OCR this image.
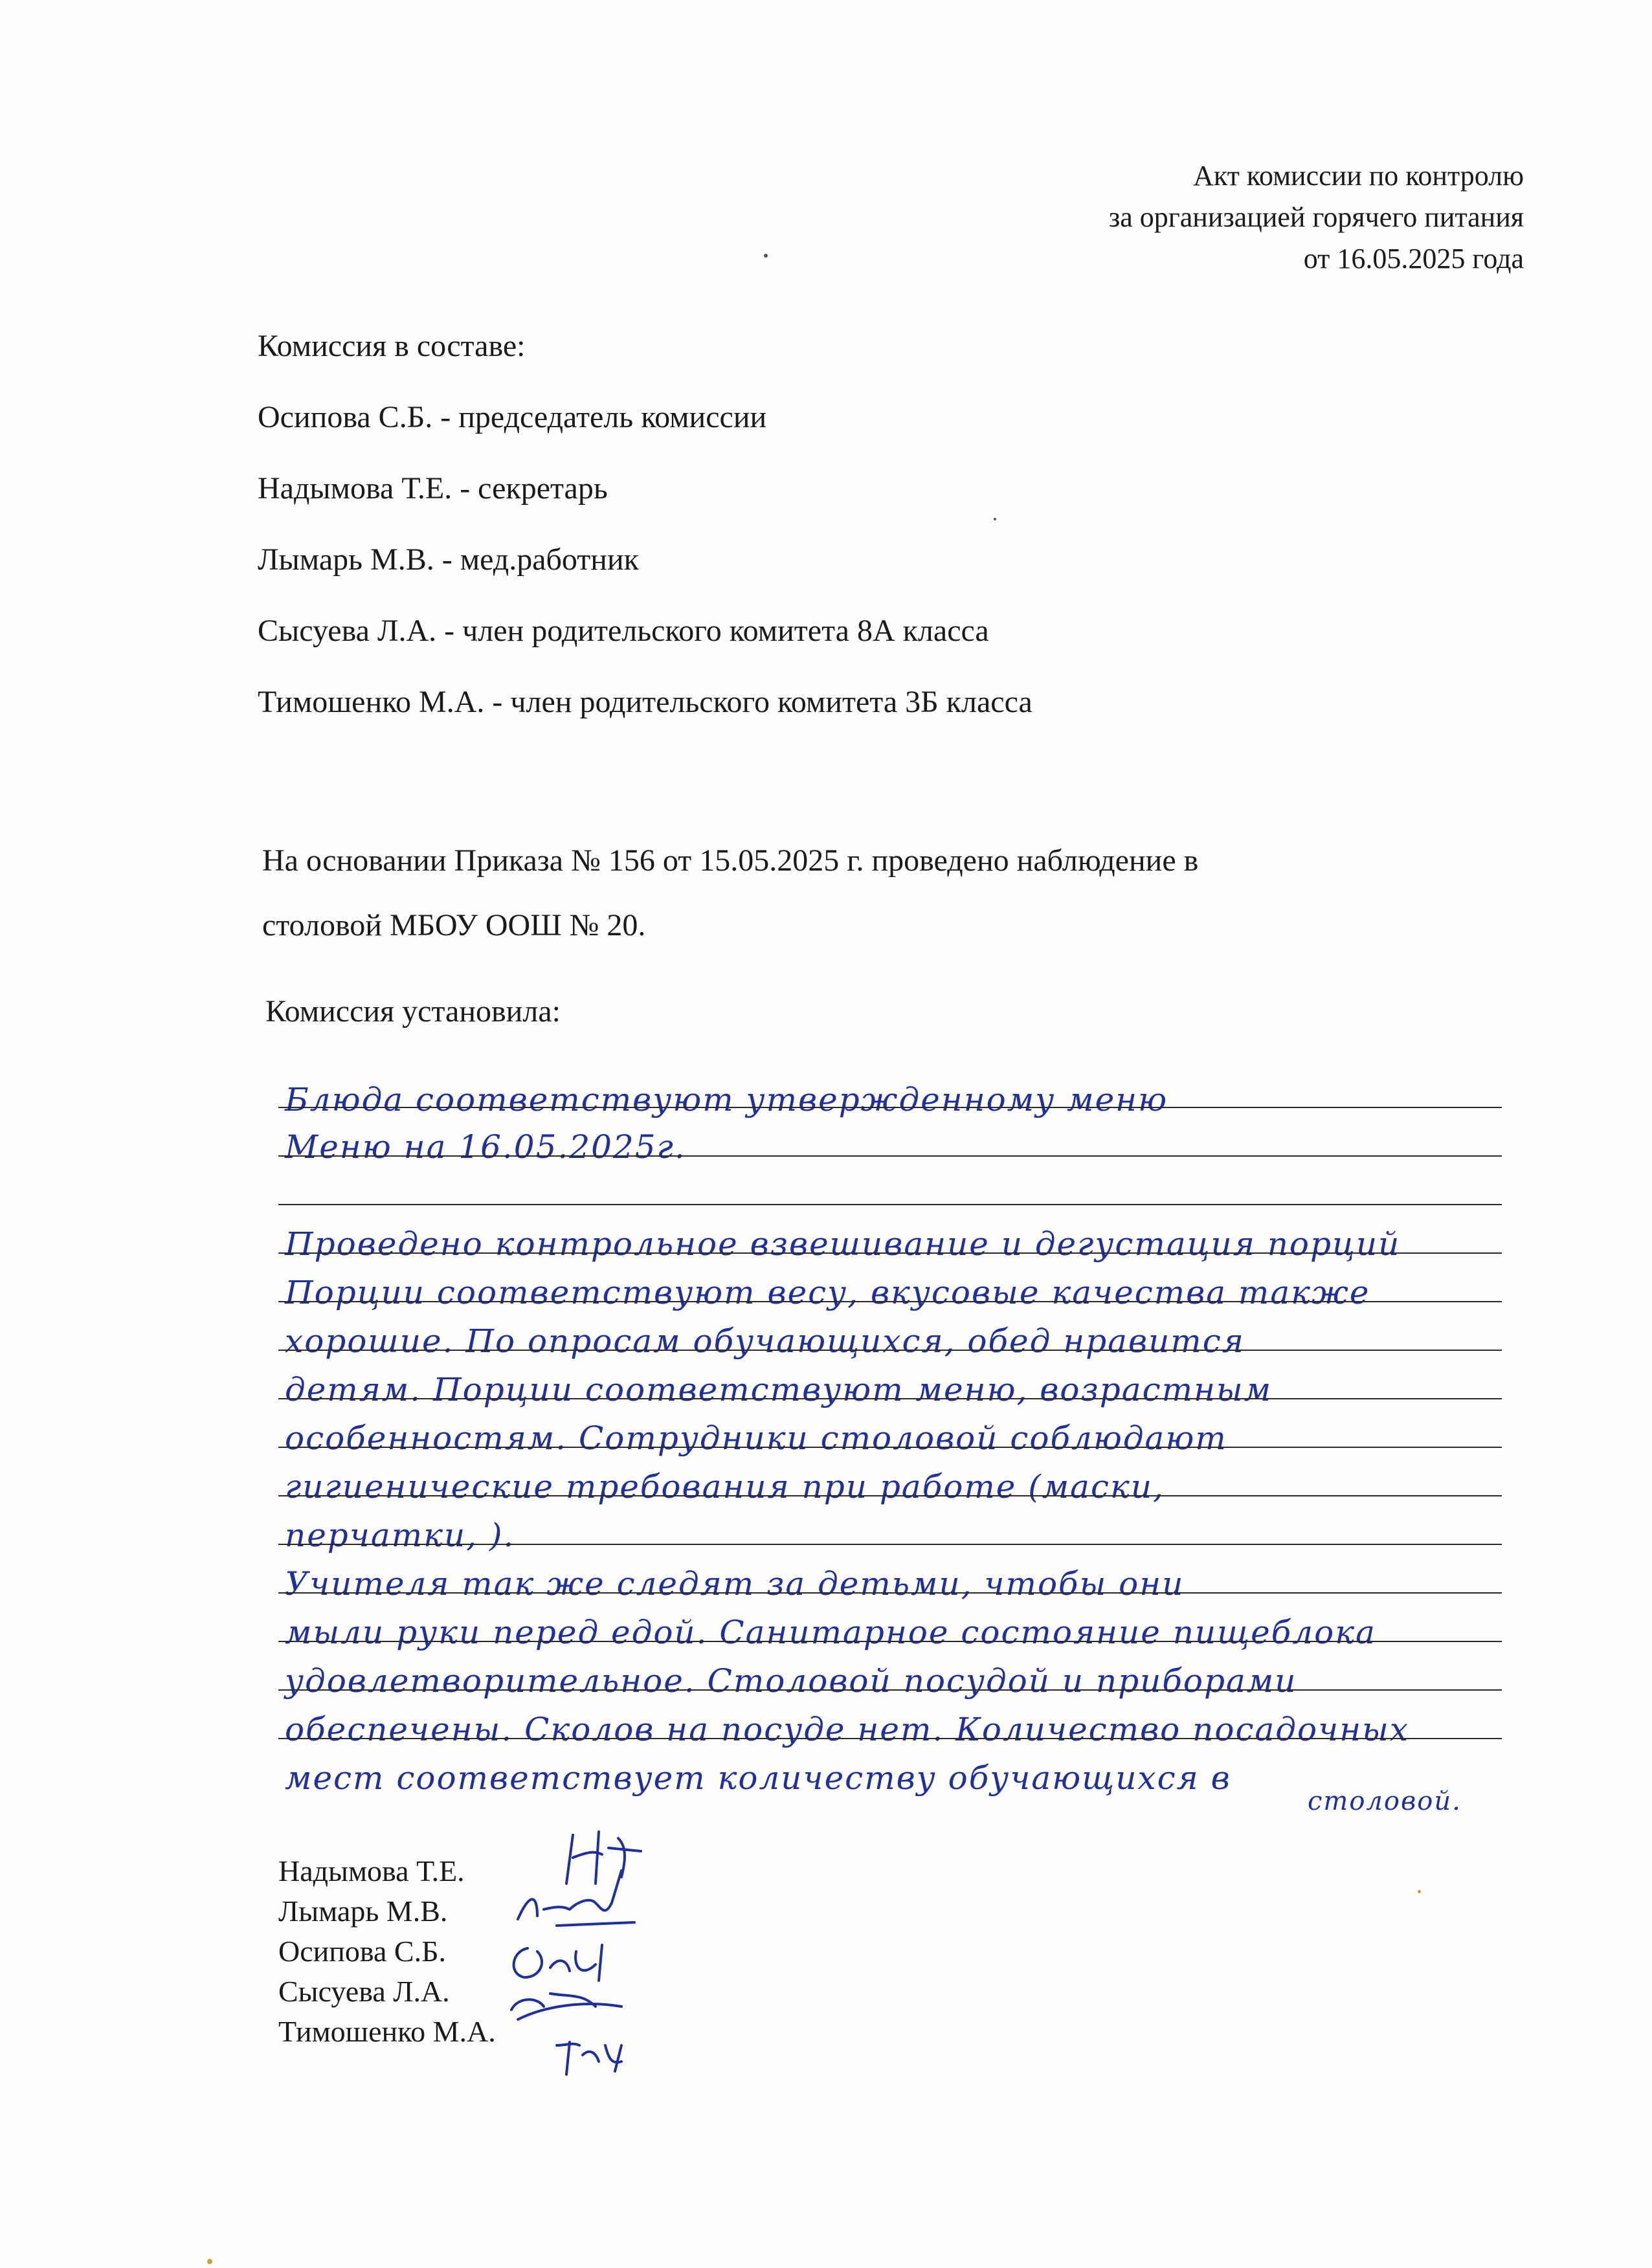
Акт комиссии по контролю
за организацией горячего питания
от 16.05.2025 года
Комиссия в составе:
Осипова С.Б. - председатель комиссии
Надымова Т.Е. - секретарь
Лымарь М.В. - мед.работник
Сысуева Л.А. - член родительского комитета 8А класса
Тимошенко М.А. - член родительского комитета 3Б класса
На основании Приказа № 156 от 15.05.2025 г. проведено наблюдение в
столовой МБОУ ООШ № 20.
Комиссия установила:
Блюда соответствуют утвержденному меню
Меню на 16.05.2025г.
Проведено контрольное взвешивание и дегустация порций
Порции соответствуют весу, вкусовые качества также
хорошие. По опросам обучающихся, обед нравится
детям. Порции соответствуют меню, возрастным
особенностям. Сотрудники столовой соблюдают
гигиенические требования при работе (маски,
перчатки, ).
Учителя так же следят за детьми, чтобы они
мыли руки перед едой. Санитарное состояние пищеблока
удовлетворительное. Столовой посудой и приборами
обеспечены. Сколов на посуде нет. Количество посадочных
мест соответствует количеству обучающихся в
столовой.
Надымова Т.Е.
Лымарь М.В.
Осипова С.Б.
Сысуева Л.А.
Тимошенко М.А.
